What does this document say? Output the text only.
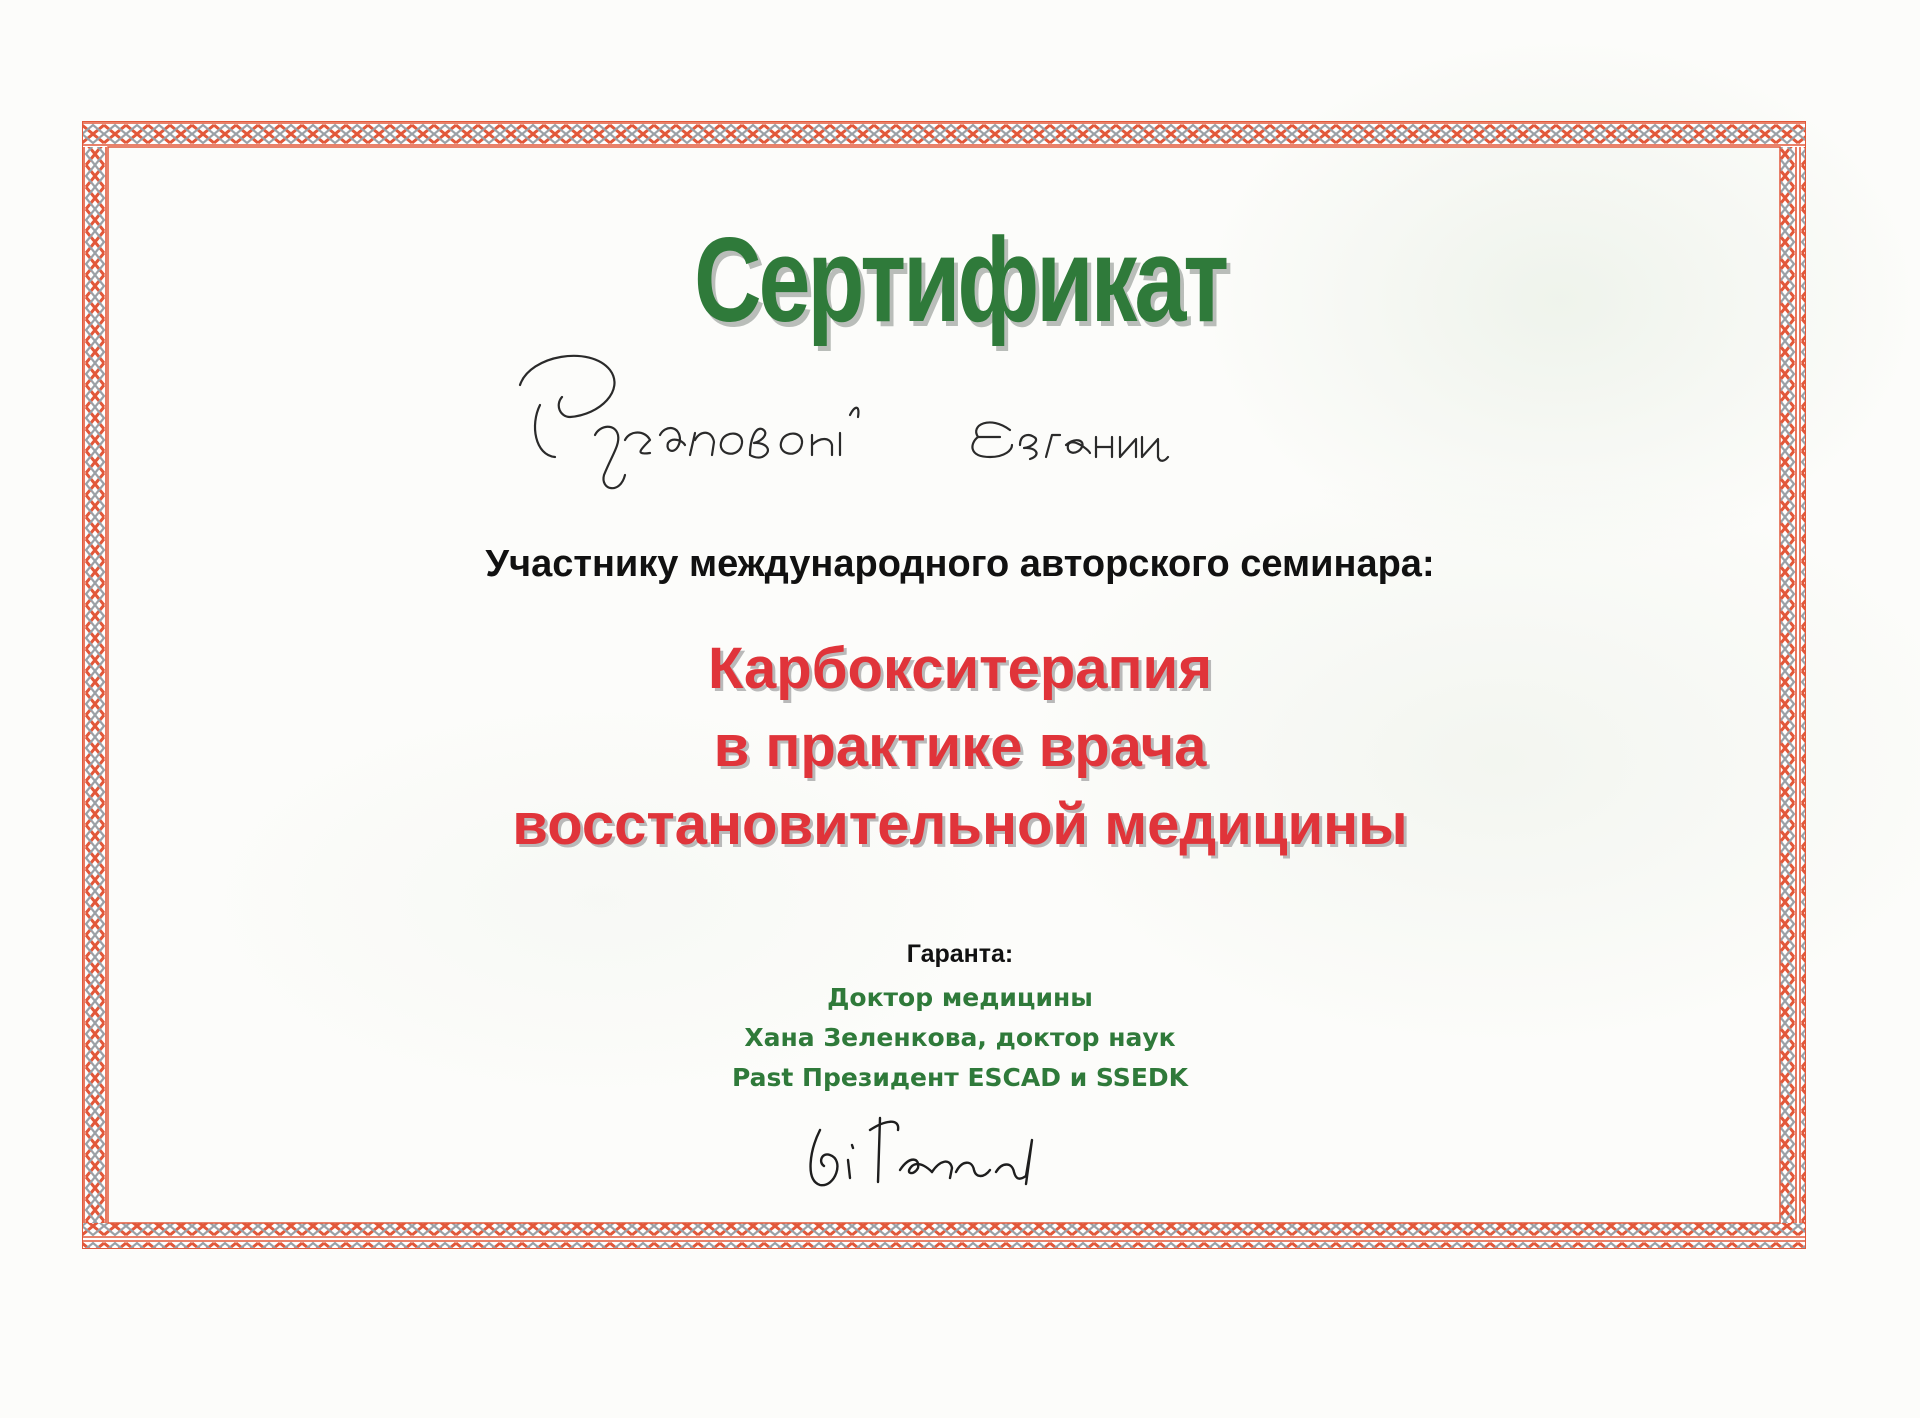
Сертификат
Участнику международного авторского семинара:
Карбокситерапия
в практике врача
восстановительной медицины
Гаранта:
Доктор медицины
Хана Зеленкова, доктор наук
Past Президент ESCAD и SSEDK
